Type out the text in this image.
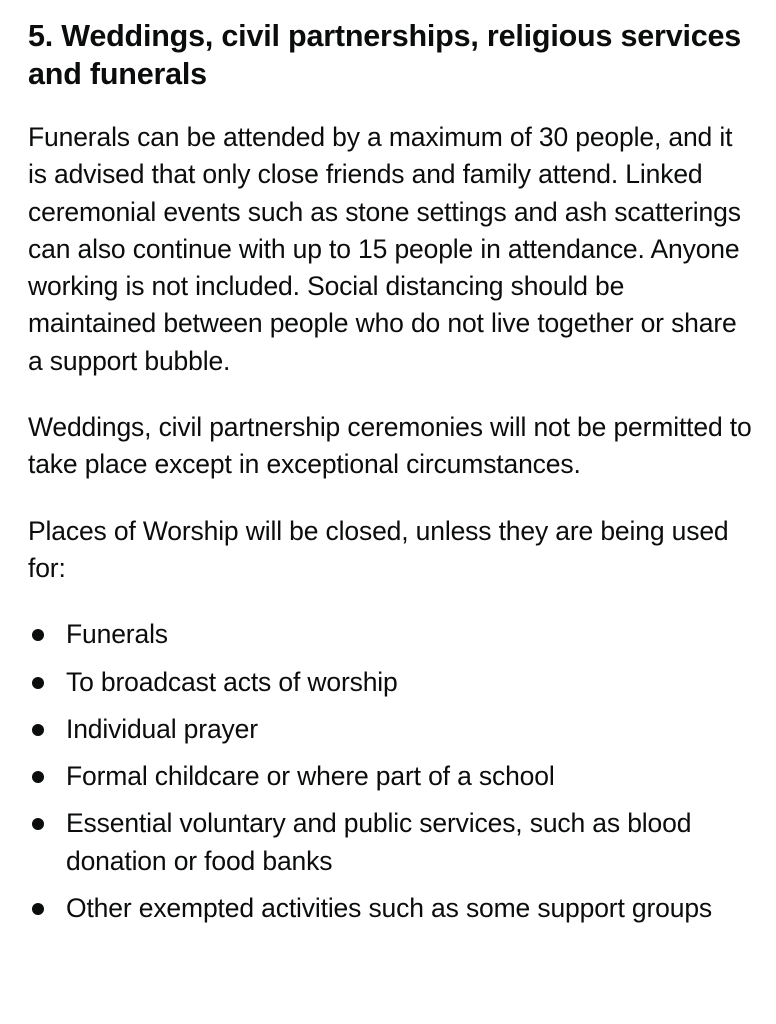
5. Weddings, civil partnerships, religious services and funerals

Funerals can be attended by a maximum of 30 people, and it is advised that only close friends and family attend. Linked ceremonial events such as stone settings and ash scatterings can also continue with up to 15 people in attendance. Anyone working is not included. Social distancing should be maintained between people who do not live together or share a support bubble.

Weddings, civil partnership ceremonies will not be permitted to take place except in exceptional circumstances.

Places of Worship will be closed, unless they are being used for:

Funerals
To broadcast acts of worship
Individual prayer
Formal childcare or where part of a school
Essential voluntary and public services, such as blood donation or food banks
Other exempted activities such as some support groups
